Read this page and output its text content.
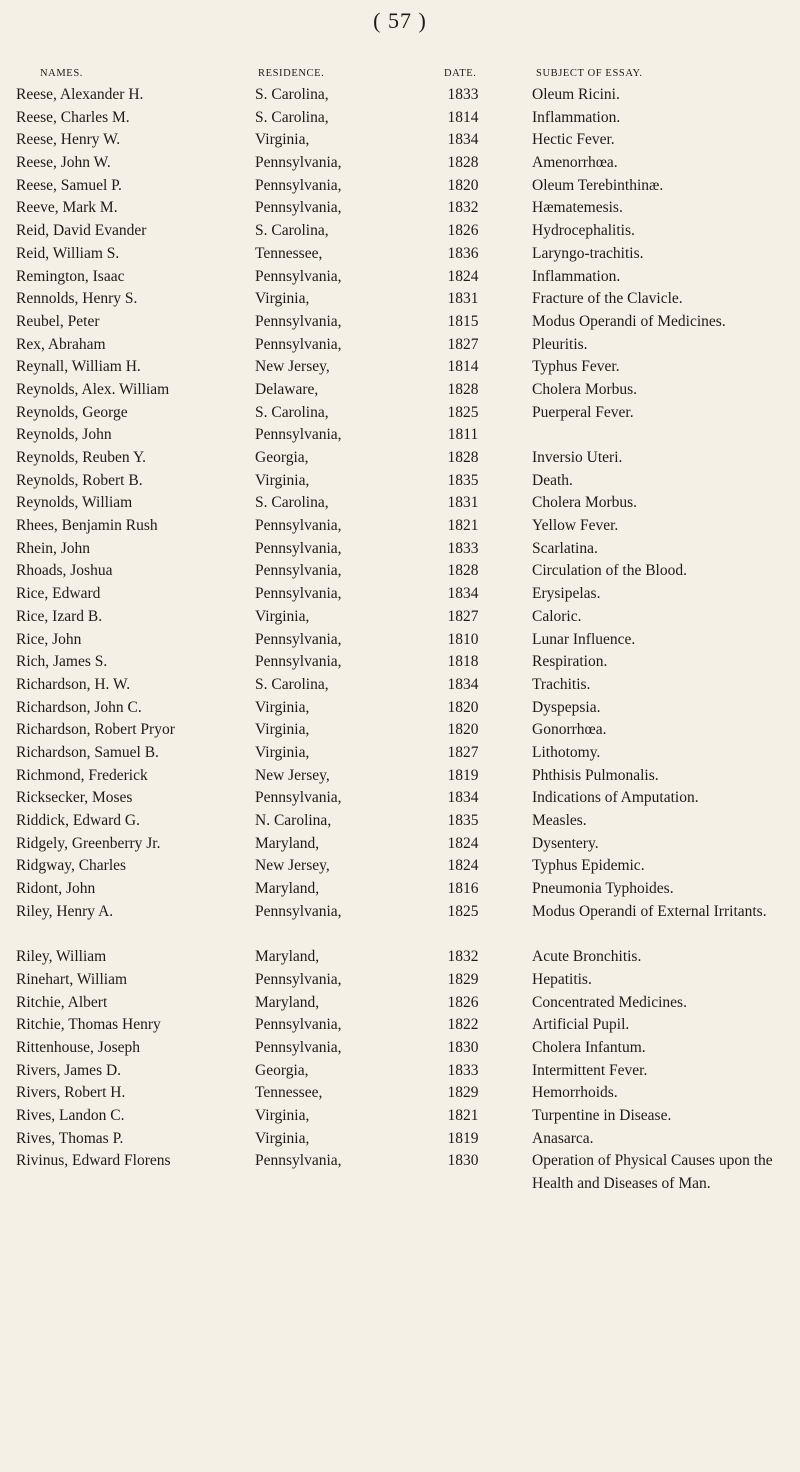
( 57 )
NAMES.	RESIDENCE.	DATE.	SUBJECT OF ESSAY.
Reese, Alexander H.	S. Carolina,	1833	Oleum Ricini.
Reese, Charles M.	S. Carolina,	1814	Inflammation.
Reese, Henry W.	Virginia,	1834	Hectic Fever.
Reese, John W.	Pennsylvania,	1828	Amenorrhœa.
Reese, Samuel P.	Pennsylvania,	1820	Oleum Terebinthinæ.
Reeve, Mark M.	Pennsylvania,	1832	Hæmatemesis.
Reid, David Evander	S. Carolina,	1826	Hydrocephalitis.
Reid, William S.	Tennessee,	1836	Laryngo-trachitis.
Remington, Isaac	Pennsylvania,	1824	Inflammation.
Rennolds, Henry S.	Virginia,	1831	Fracture of the Clavicle.
Reubel, Peter	Pennsylvania,	1815	Modus Operandi of Medicines.
Rex, Abraham	Pennsylvania,	1827	Pleuritis.
Reynall, William H.	New Jersey,	1814	Typhus Fever.
Reynolds, Alex. William	Delaware,	1828	Cholera Morbus.
Reynolds, George	S. Carolina,	1825	Puerperal Fever.
Reynolds, John	Pennsylvania,	1811
Reynolds, Reuben Y.	Georgia,	1828	Inversio Uteri.
Reynolds, Robert B.	Virginia,	1835	Death.
Reynolds, William	S. Carolina,	1831	Cholera Morbus.
Rhees, Benjamin Rush	Pennsylvania,	1821	Yellow Fever.
Rhein, John	Pennsylvania,	1833	Scarlatina.
Rhoads, Joshua	Pennsylvania,	1828	Circulation of the Blood.
Rice, Edward	Pennsylvania,	1834	Erysipelas.
Rice, Izard B.	Virginia,	1827	Caloric.
Rice, John	Pennsylvania,	1810	Lunar Influence.
Rich, James S.	Pennsylvania,	1818	Respiration.
Richardson, H. W.	S. Carolina,	1834	Trachitis.
Richardson, John C.	Virginia,	1820	Dyspepsia.
Richardson, Robert Pryor	Virginia,	1820	Gonorrhœa.
Richardson, Samuel B.	Virginia,	1827	Lithotomy.
Richmond, Frederick	New Jersey,	1819	Phthisis Pulmonalis.
Ricksecker, Moses	Pennsylvania,	1834	Indications of Amputation.
Riddick, Edward G.	N. Carolina,	1835	Measles.
Ridgely, Greenberry Jr.	Maryland,	1824	Dysentery.
Ridgway, Charles	New Jersey,	1824	Typhus Epidemic.
Ridont, John	Maryland,	1816	Pneumonia Typhoides.
Riley, Henry A.	Pennsylvania,	1825	Modus Operandi of External Irritants.
Riley, William	Maryland,	1832	Acute Bronchitis.
Rinehart, William	Pennsylvania,	1829	Hepatitis.
Ritchie, Albert	Maryland,	1826	Concentrated Medicines.
Ritchie, Thomas Henry	Pennsylvania,	1822	Artificial Pupil.
Rittenhouse, Joseph	Pennsylvania,	1830	Cholera Infantum.
Rivers, James D.	Georgia,	1833	Intermittent Fever.
Rivers, Robert H.	Tennessee,	1829	Hemorrhoids.
Rives, Landon C.	Virginia,	1821	Turpentine in Disease.
Rives, Thomas P.	Virginia,	1819	Anasarca.
Rivinus, Edward Florens	Pennsylvania,	1830	Operation of Physical Causes upon the Health and Diseases of Man.
